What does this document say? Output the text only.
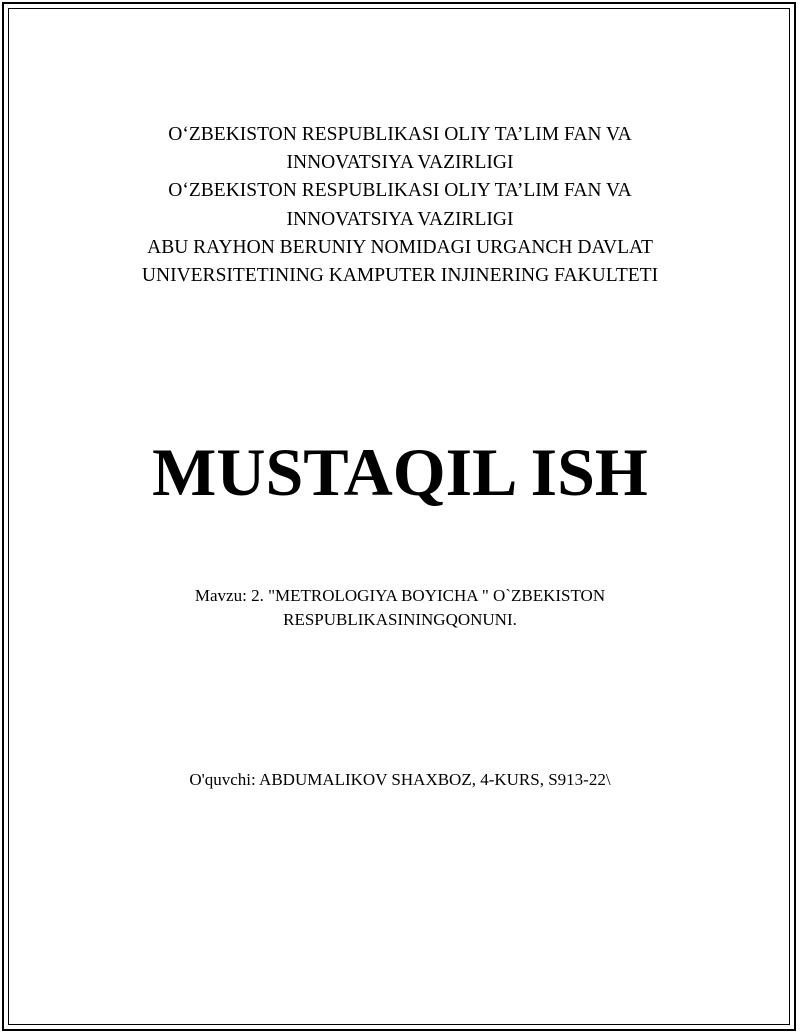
O‘ZBEKISTON RESPUBLIKASI OLIY TA’LIM FAN VA
INNOVATSIYA VAZIRLIGI
O‘ZBEKISTON RESPUBLIKASI OLIY TA’LIM FAN VA
INNOVATSIYA VAZIRLIGI
ABU RAYHON BERUNIY NOMIDAGI URGANCH DAVLAT
UNIVERSITETINING KAMPUTER INJINERING FAKULTETI
MUSTAQIL ISH
Mavzu: 2. "METROLOGIYA BOYICHA " O`ZBEKISTON
RESPUBLIKASININGQONUNI.
O'quvchi: ABDUMALIKOV SHAXBOZ, 4-KURS, S913-22\
